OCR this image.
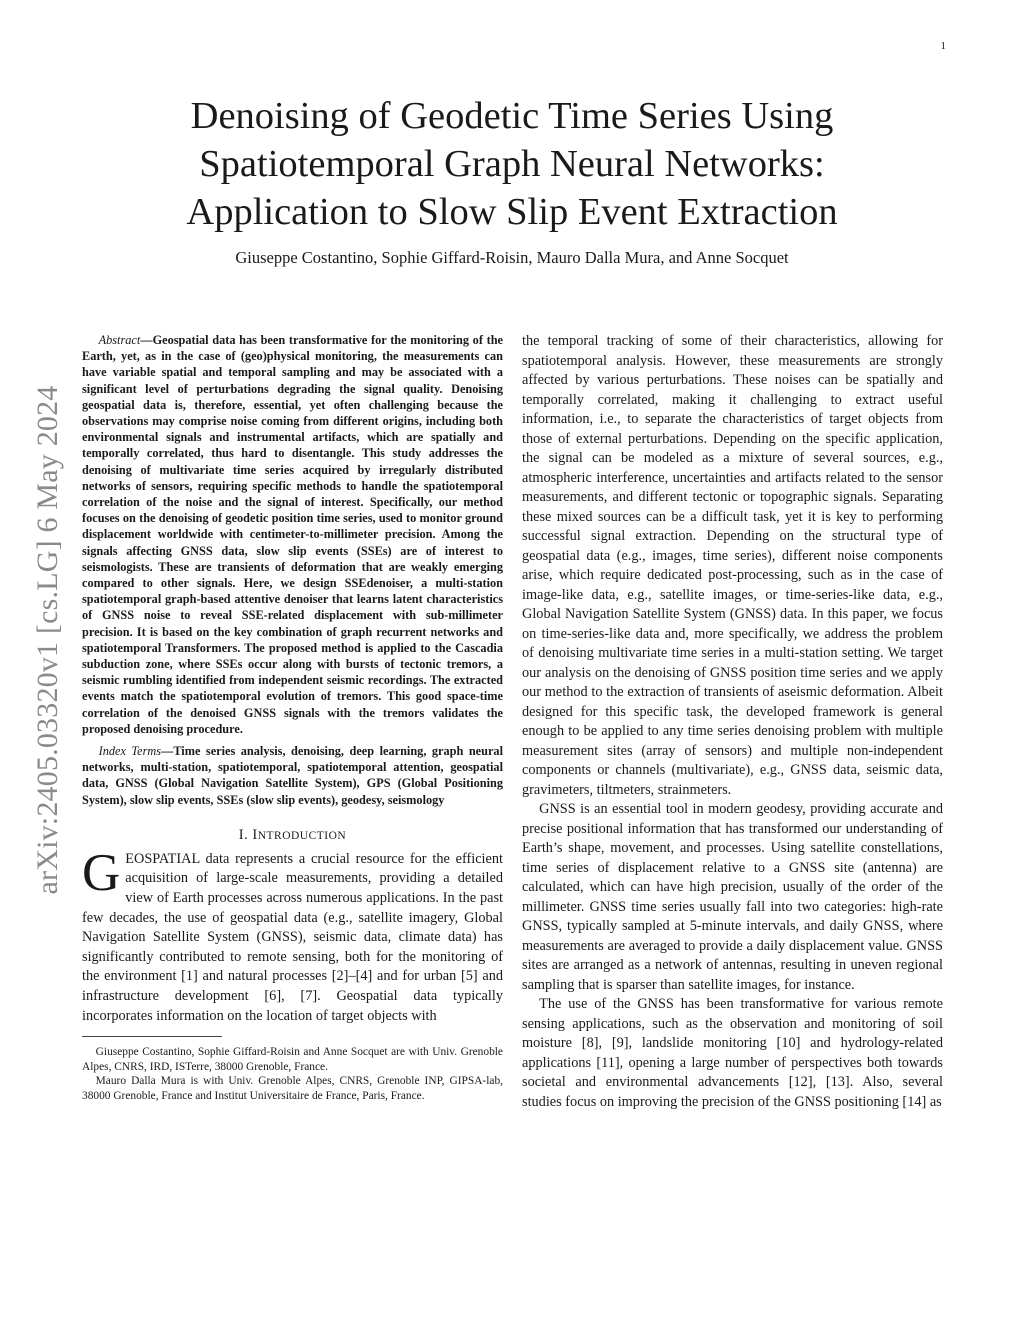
1
arXiv:2405.03320v1 [cs.LG] 6 May 2024
Denoising of Geodetic Time Series Using
Spatiotemporal Graph Neural Networks:
Application to Slow Slip Event Extraction
Giuseppe Costantino, Sophie Giffard-Roisin, Mauro Dalla Mura, and Anne Socquet

Abstract—Geospatial data has been transformative for the monitoring of the Earth, yet, as in the case of (geo)physical monitoring, the measurements can have variable spatial and temporal sampling and may be associated with a significant level of perturbations degrading the signal quality. Denoising geospatial data is, therefore, essential, yet often challenging because the observations may comprise noise coming from different origins, including both environmental signals and instrumental artifacts, which are spatially and temporally correlated, thus hard to disentangle. This study addresses the denoising of multivariate time series acquired by irregularly distributed networks of sensors, requiring specific methods to handle the spatiotemporal correlation of the noise and the signal of interest. Specifically, our method focuses on the denoising of geodetic position time series, used to monitor ground displacement worldwide with centimeter-to-millimeter precision. Among the signals affecting GNSS data, slow slip events (SSEs) are of interest to seismologists. These are transients of deformation that are weakly emerging compared to other signals. Here, we design SSEdenoiser, a multi-station spatiotemporal graph-based attentive denoiser that learns latent characteristics of GNSS noise to reveal SSE-related displacement with sub-millimeter precision. It is based on the key combination of graph recurrent networks and spatiotemporal Transformers. The proposed method is applied to the Cascadia subduction zone, where SSEs occur along with bursts of tectonic tremors, a seismic rumbling identified from independent seismic recordings. The extracted events match the spatiotemporal evolution of tremors. This good space-time correlation of the denoised GNSS signals with the tremors validates the proposed denoising procedure.

Index Terms—Time series analysis, denoising, deep learning, graph neural networks, multi-station, spatiotemporal, spatiotemporal attention, geospatial data, GNSS (Global Navigation Satellite System), GPS (Global Positioning System), slow slip events, SSEs (slow slip events), geodesy, seismology

I. INTRODUCTION

GEOSPATIAL data represents a crucial resource for the efficient acquisition of large-scale measurements, providing a detailed view of Earth processes across numerous applications. In the past few decades, the use of geospatial data (e.g., satellite imagery, Global Navigation Satellite System (GNSS), seismic data, climate data) has significantly contributed to remote sensing, both for the monitoring of the environment [1] and natural processes [2]–[4] and for urban [5] and infrastructure development [6], [7]. Geospatial data typically incorporates information on the location of target objects with

Giuseppe Costantino, Sophie Giffard-Roisin and Anne Socquet are with Univ. Grenoble Alpes, CNRS, IRD, ISTerre, 38000 Grenoble, France.

Mauro Dalla Mura is with Univ. Grenoble Alpes, CNRS, Grenoble INP, GIPSA-lab, 38000 Grenoble, France and Institut Universitaire de France, Paris, France.

the temporal tracking of some of their characteristics, allowing for spatiotemporal analysis. However, these measurements are strongly affected by various perturbations. These noises can be spatially and temporally correlated, making it challenging to extract useful information, i.e., to separate the characteristics of target objects from those of external perturbations. Depending on the specific application, the signal can be modeled as a mixture of several sources, e.g., atmospheric interference, uncertainties and artifacts related to the sensor measurements, and different tectonic or topographic signals. Separating these mixed sources can be a difficult task, yet it is key to performing successful signal extraction. Depending on the structural type of geospatial data (e.g., images, time series), different noise components arise, which require dedicated post-processing, such as in the case of image-like data, e.g., satellite images, or time-series-like data, e.g., Global Navigation Satellite System (GNSS) data. In this paper, we focus on time-series-like data and, more specifically, we address the problem of denoising multivariate time series in a multi-station setting. We target our analysis on the denoising of GNSS position time series and we apply our method to the extraction of transients of aseismic deformation. Albeit designed for this specific task, the developed framework is general enough to be applied to any time series denoising problem with multiple measurement sites (array of sensors) and multiple non-independent components or channels (multivariate), e.g., GNSS data, seismic data, gravimeters, tiltmeters, strainmeters.

GNSS is an essential tool in modern geodesy, providing accurate and precise positional information that has transformed our understanding of Earth’s shape, movement, and processes. Using satellite constellations, time series of displacement relative to a GNSS site (antenna) are calculated, which can have high precision, usually of the order of the millimeter. GNSS time series usually fall into two categories: high-rate GNSS, typically sampled at 5-minute intervals, and daily GNSS, where measurements are averaged to provide a daily displacement value. GNSS sites are arranged as a network of antennas, resulting in uneven regional sampling that is sparser than satellite images, for instance.

The use of the GNSS has been transformative for various remote sensing applications, such as the observation and monitoring of soil moisture [8], [9], landslide monitoring [10] and hydrology-related applications [11], opening a large number of perspectives both towards societal and environmental advancements [12], [13]. Also, several studies focus on improving the precision of the GNSS positioning [14] as
